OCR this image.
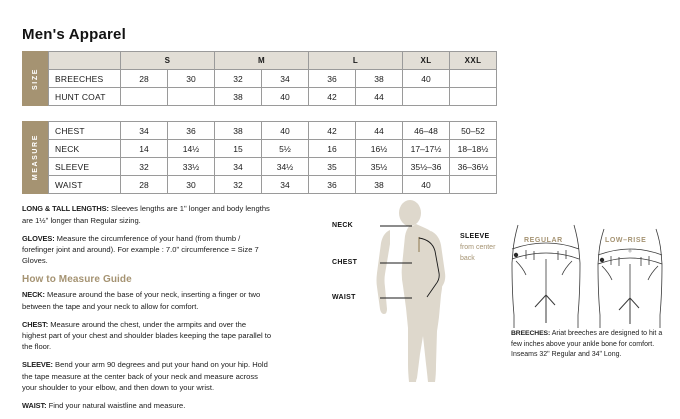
Men's Apparel
SIZE
	S		M		L		XL	XXL
BREECHES	28	30	32	34	36	38	40	
HUNT COAT			38	40	42	44		
MEASURE
CHEST	34	36	38	40	42	44	46–48	50–52
NECK	14	14½	15	5½	16	16½	17–17½	18–18½
SLEEVE	32	33½	34	34½	35	35½	35½–36	36–36½
WAIST	28	30	32	34	36	38	40	

LONG & TALL LENGTHS: Sleeves lengths are 1ʺ longer and body lengths are 1½ʺ longer than Regular sizing.

GLOVES: Measure the circumference of your hand (from thumb / forefinger joint and around). For example : 7.0ʺ circumference = Size 7 Gloves.

How to Measure Guide

NECK: Measure around the base of your neck, inserting a finger or two between the tape and your neck to allow for comfort.

CHEST: Measure around the chest, under the armpits and over the highest part of your chest and shoulder blades keeping the tape parallel to the floor.

SLEEVE: Bend your arm 90 degrees and put your hand on your hip. Hold the tape measure at the center back of your neck and measure across your shoulder to your elbow, and then down to your wrist.

WAIST: Find your natural waistline and measure.

NECK
CHEST
WAIST
SLEEVE
from center back
REGULAR	LOW–RISE
BREECHES: Ariat breeches are designed to hit a few inches above your ankle bone for comfort. Inseams 32ʺ Regular and 34ʺ Long.
